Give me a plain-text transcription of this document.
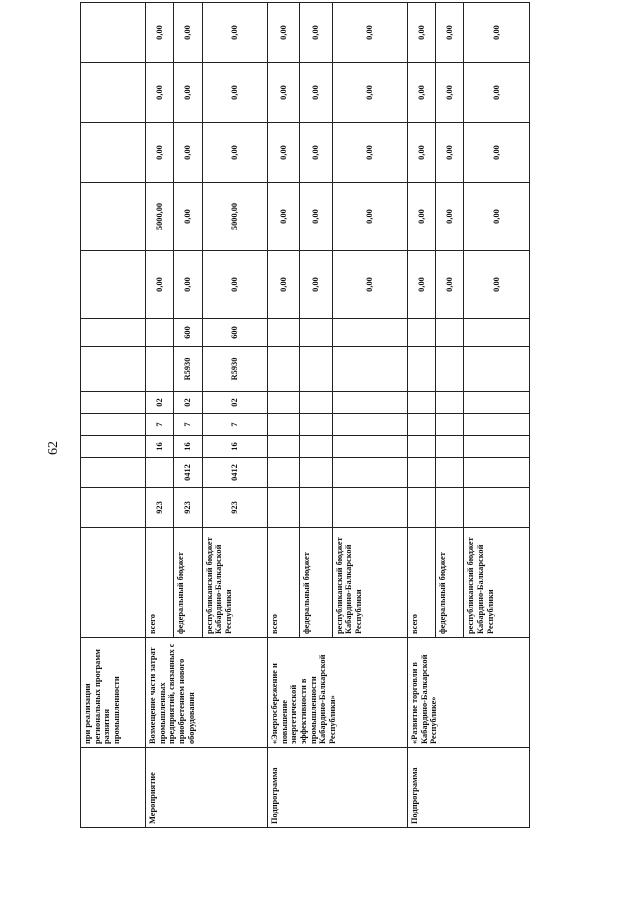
62
	при реализации региональных программ развития промышленности													
Мероприятие	Возмещение части затрат промышленных предприятий, связанных с приобретением нового оборудования	всего	923		16	7	02			0,00	5000,00	0,00	0,00	0,00
		федеральный бюджет	923	0412	16	7	02	R5930	600	0,00	0,00	0,00	0,00	0,00
		республиканский бюджет Кабардино-Балкарской Республики	923	0412	16	7	02	R5930	600	0,00	5000,00	0,00	0,00	0,00
Подпрограмма	«Энергосбережение и повышение энергетической эффективности в промышленности Кабардино-Балкарской Республики»	всего								0,00	0,00	0,00	0,00	0,00
		федеральный бюджет								0,00	0,00	0,00	0,00	0,00
		республиканский бюджет Кабардино-Балкарской Республики								0,00	0,00	0,00	0,00	0,00
Подпрограмма	«Развитие торговли в Кабардино-Балкарской Республике»	всего								0,00	0,00	0,00	0,00	0,00
		федеральный бюджет								0,00	0,00	0,00	0,00	0,00
		республиканский бюджет Кабардино-Балкарской Республики								0,00	0,00	0,00	0,00	0,00
